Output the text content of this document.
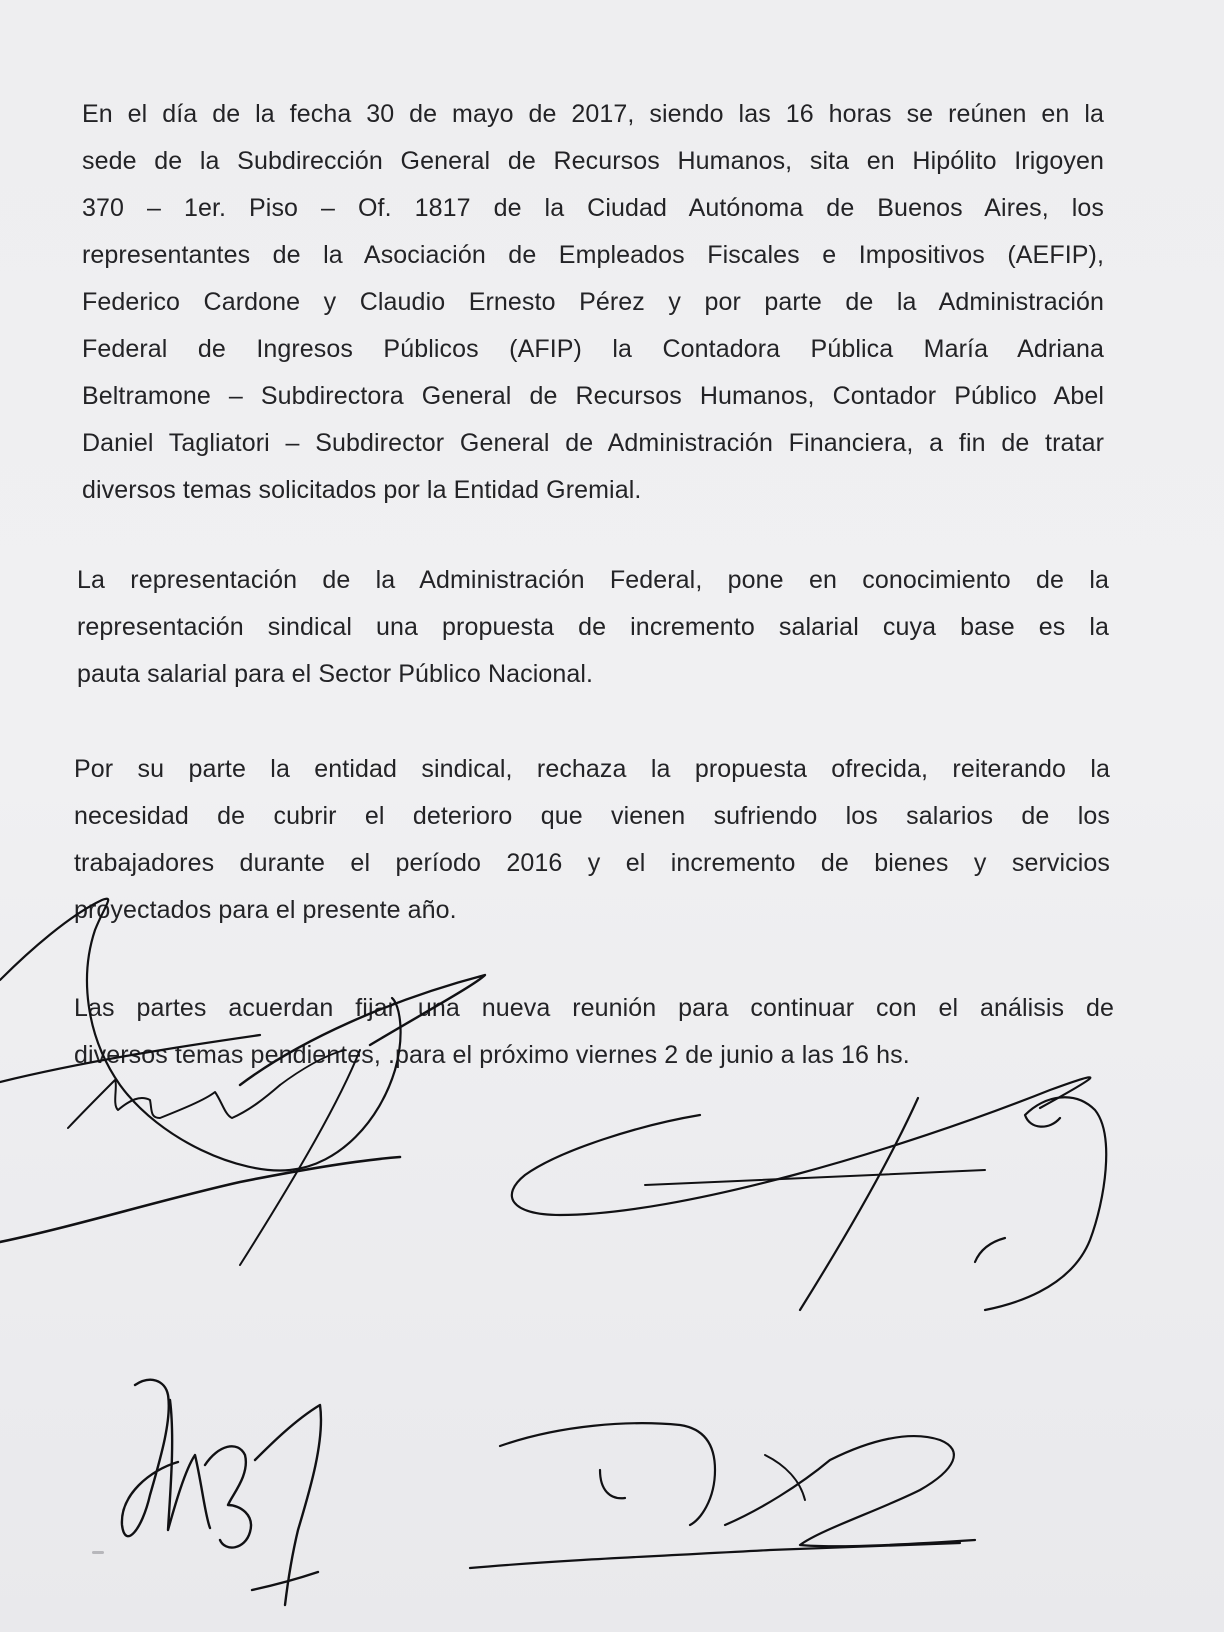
En el día de la fecha 30 de mayo de 2017, siendo las 16 horas se reúnen en la
sede de la Subdirección General de Recursos Humanos, sita en Hipólito Irigoyen
370 – 1er. Piso – Of. 1817 de la Ciudad Autónoma de Buenos Aires, los
representantes de la Asociación de Empleados Fiscales e Impositivos (AEFIP),
Federico Cardone y Claudio Ernesto Pérez y por parte de la Administración
Federal de Ingresos Públicos (AFIP) la Contadora Pública María Adriana
Beltramone – Subdirectora General de Recursos Humanos, Contador Público Abel
Daniel Tagliatori – Subdirector General de Administración Financiera, a fin de tratar
diversos temas solicitados por la Entidad Gremial.
La representación de la Administración Federal, pone en conocimiento de la
representación sindical una propuesta de incremento salarial cuya base es la
pauta salarial para el Sector Público Nacional.
Por su parte la entidad sindical, rechaza la propuesta ofrecida, reiterando la
necesidad de cubrir el deterioro que vienen sufriendo los salarios de los
trabajadores durante el período 2016 y el incremento de bienes y servicios
proyectados para el presente año.
Las partes acuerdan fijar una nueva reunión para continuar con el análisis de
diversos temas pendientes, .para el próximo viernes 2 de junio a las 16 hs.
